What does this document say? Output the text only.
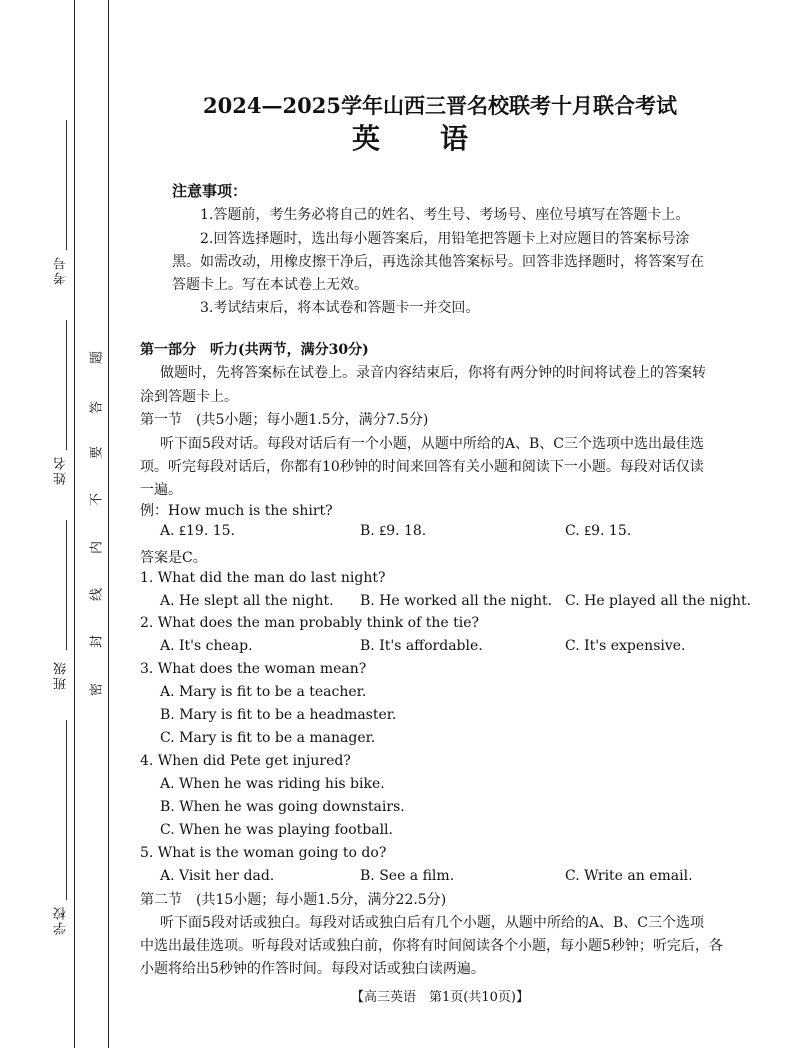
考号
姓名
班级
学校
题
答
要
不
内
线
封
密
2024—2025学年山西三晋名校联考十月联合考试
英语
注意事项：
1.答题前，考生务必将自己的姓名、考生号、考场号、座位号填写在答题卡上。
2.回答选择题时，选出每小题答案后，用铅笔把答题卡上对应题目的答案标号涂
黑。如需改动，用橡皮擦干净后，再选涂其他答案标号。回答非选择题时，将答案写在
答题卡上。写在本试卷上无效。
3.考试结束后，将本试卷和答题卡一并交回。
第一部分　听力(共两节，满分30分)
做题时，先将答案标在试卷上。录音内容结束后，你将有两分钟的时间将试卷上的答案转
涂到答题卡上。
第一节　(共5小题；每小题1.5分，满分7.5分)
听下面5段对话。每段对话后有一个小题，从题中所给的A、B、C三个选项中选出最佳选
项。听完每段对话后，你都有10秒钟的时间来回答有关小题和阅读下一小题。每段对话仅读
一遍。
例：How much is the shirt?
A. ₤19. 15.	B. ₤9. 18.	C. ₤9. 15.
答案是C。
1. What did the man do last night?
A. He slept all the night. B. He worked all the night. C. He played all the night.
2. What does the man probably think of the tie?
A. It's cheap.	B. It's affordable.	C. It's expensive.
3. What does the woman mean?
A. Mary is fit to be a teacher.
B. Mary is fit to be a headmaster.
C. Mary is fit to be a manager.
4. When did Pete get injured?
A. When he was riding his bike.
B. When he was going downstairs.
C. When he was playing football.
5. What is the woman going to do?
A. Visit her dad.	B. See a film.	C. Write an email.
第二节　(共15小题；每小题1.5分，满分22.5分)
听下面5段对话或独白。每段对话或独白后有几个小题，从题中所给的A、B、C三个选项
中选出最佳选项。听每段对话或独白前，你将有时间阅读各个小题，每小题5秒钟；听完后，各
小题将给出5秒钟的作答时间。每段对话或独白读两遍。
【高三英语　第1页(共10页)】
